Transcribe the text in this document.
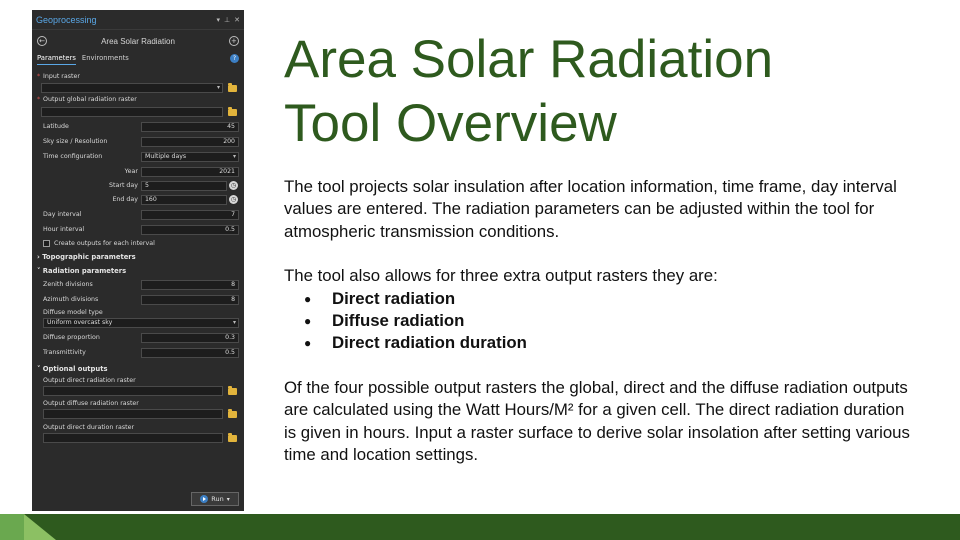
Geoprocessing	▾ ⊥ ✕
←	Area Solar Radiation	+
Parameters Environments	?
* Input raster
▾
* Output global radiation raster
Latitude	45
Sky size / Resolution	200
Time configuration	Multiple days ▾
Year	2021
Start day	5	◷
End day	160	◷
Day interval	7
Hour interval	0.5
Create outputs for each interval
› Topographic parameters
˅ Radiation parameters
Zenith divisions	8
Azimuth divisions	8
Diffuse model type
Uniform overcast sky ▾
Diffuse proportion	0.3
Transmittivity	0.5
˅ Optional outputs
Output direct radiation raster
Output diffuse radiation raster
Output direct duration raster
Run ▾
Area Solar Radiation
Tool Overview

The tool projects solar insulation after location information, time frame, day interval values are entered. The radiation parameters can be adjusted within the tool for atmospheric transmission conditions.

The tool also allows for three extra output rasters they are:

● Direct radiation
● Diffuse radiation
● Direct radiation duration

Of the four possible output rasters the global, direct and the diffuse radiation outputs are calculated using the Watt Hours/M² for a given cell. The direct radiation duration is given in hours. Input a raster surface to derive solar insolation after setting various time and location settings.
